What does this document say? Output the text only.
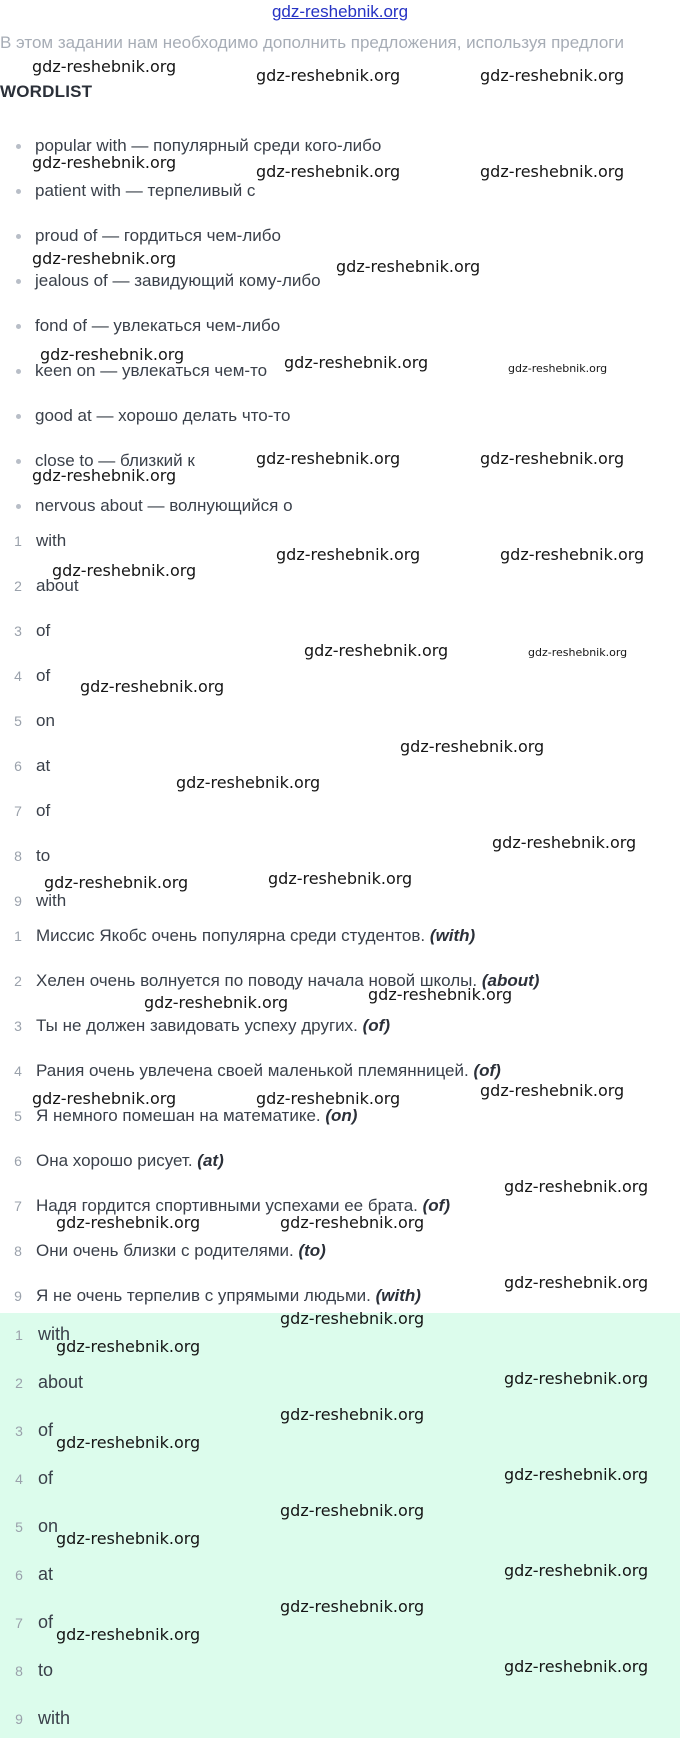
gdz-reshebnik.org

В этом задании нам необходимо дополнить предложения, используя предлоги

WORDLIST
popular with — популярный среди кого-либо
patient with — терпеливый с
proud of — гордиться чем-либо
jealous of — завидующий кому-либо
fond of — увлекаться чем-либо
keen on — увлекаться чем-то
good at — хорошо делать что-то
close to — близкий к
nervous about — волнующийся о
1 with
2 about
3 of
4 of
5 on
6 at
7 of
8 to
9 with
1 Миссис Якобс очень популярна среди студентов. (with)
2 Хелен очень волнуется по поводу начала новой школы. (about)
3 Ты не должен завидовать успеху других. (of)
4 Рания очень увлечена своей маленькой племянницей. (of)
5 Я немного помешан на математике. (on)
6 Она хорошо рисует. (at)
7 Надя гордится спортивными успехами ее брата. (of)
8 Они очень близки с родителями. (to)
9 Я не очень терпелив с упрямыми людьми. (with)
1 with
2 about
3 of
4 of
5 on
6 at
7 of
8 to
9 with
gdz-reshebnik.org	gdz-reshebnik.org	gdz-reshebnik.org
gdz-reshebnik.org	gdz-reshebnik.org	gdz-reshebnik.org
gdz-reshebnik.org	gdz-reshebnik.org
gdz-reshebnik.org	gdz-reshebnik.org	gdz-reshebnik.org
gdz-reshebnik.org	gdz-reshebnik.org
gdz-reshebnik.org
gdz-reshebnik.org	gdz-reshebnik.org
gdz-reshebnik.org
gdz-reshebnik.org	gdz-reshebnik.org
gdz-reshebnik.org
gdz-reshebnik.org
gdz-reshebnik.org
gdz-reshebnik.org
gdz-reshebnik.org
gdz-reshebnik.org
gdz-reshebnik.org
gdz-reshebnik.org
gdz-reshebnik.org
gdz-reshebnik.org	gdz-reshebnik.org
gdz-reshebnik.org
gdz-reshebnik.org	gdz-reshebnik.org
gdz-reshebnik.org
gdz-reshebnik.org
gdz-reshebnik.org
gdz-reshebnik.org
gdz-reshebnik.org
gdz-reshebnik.org
gdz-reshebnik.org
gdz-reshebnik.org
gdz-reshebnik.org
gdz-reshebnik.org
gdz-reshebnik.org
gdz-reshebnik.org
gdz-reshebnik.org
